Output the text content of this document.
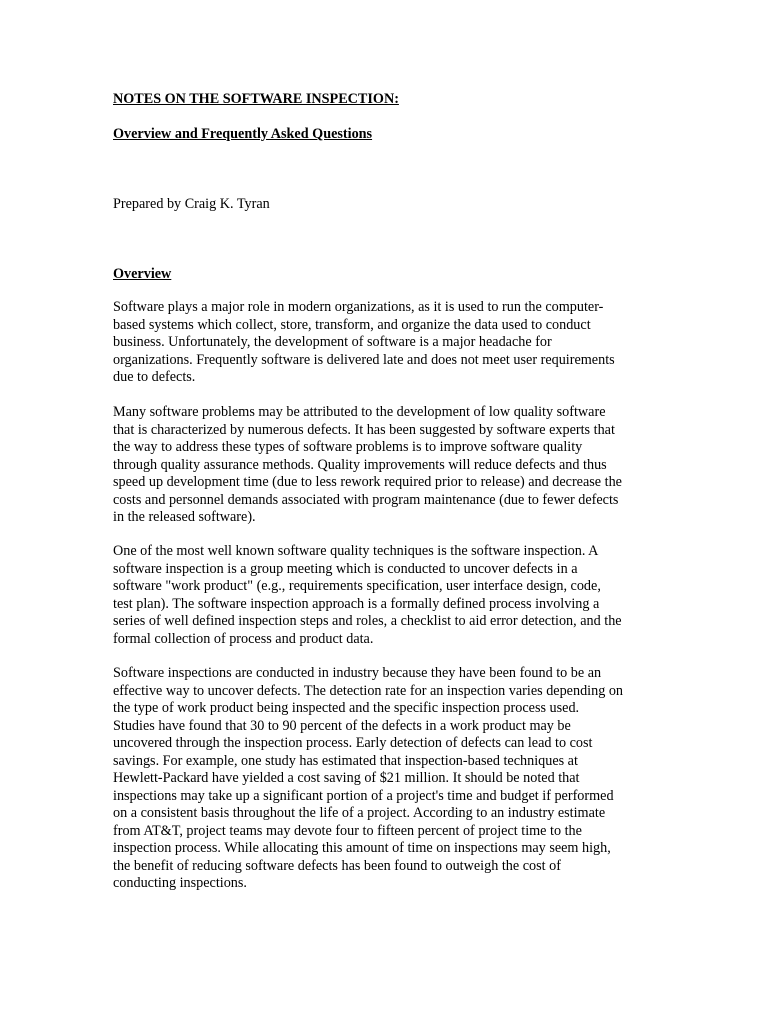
NOTES ON THE SOFTWARE INSPECTION:
Overview and Frequently Asked Questions
Prepared by Craig K. Tyran
Overview
Software plays a major role in modern organizations, as it is used to run the computer-
based systems which collect, store, transform, and organize the data used to conduct
business. Unfortunately, the development of software is a major headache for
organizations. Frequently software is delivered late and does not meet user requirements
due to defects.
Many software problems may be attributed to the development of low quality software
that is characterized by numerous defects. It has been suggested by software experts that
the way to address these types of software problems is to improve software quality
through quality assurance methods. Quality improvements will reduce defects and thus
speed up development time (due to less rework required prior to release) and decrease the
costs and personnel demands associated with program maintenance (due to fewer defects
in the released software).
One of the most well known software quality techniques is the software inspection. A
software inspection is a group meeting which is conducted to uncover defects in a
software "work product" (e.g., requirements specification, user interface design, code,
test plan). The software inspection approach is a formally defined process involving a
series of well defined inspection steps and roles, a checklist to aid error detection, and the
formal collection of process and product data.
Software inspections are conducted in industry because they have been found to be an
effective way to uncover defects. The detection rate for an inspection varies depending on
the type of work product being inspected and the specific inspection process used.
Studies have found that 30 to 90 percent of the defects in a work product may be
uncovered through the inspection process. Early detection of defects can lead to cost
savings. For example, one study has estimated that inspection-based techniques at
Hewlett-Packard have yielded a cost saving of $21 million. It should be noted that
inspections may take up a significant portion of a project's time and budget if performed
on a consistent basis throughout the life of a project. According to an industry estimate
from AT&T, project teams may devote four to fifteen percent of project time to the
inspection process. While allocating this amount of time on inspections may seem high,
the benefit of reducing software defects has been found to outweigh the cost of
conducting inspections.
